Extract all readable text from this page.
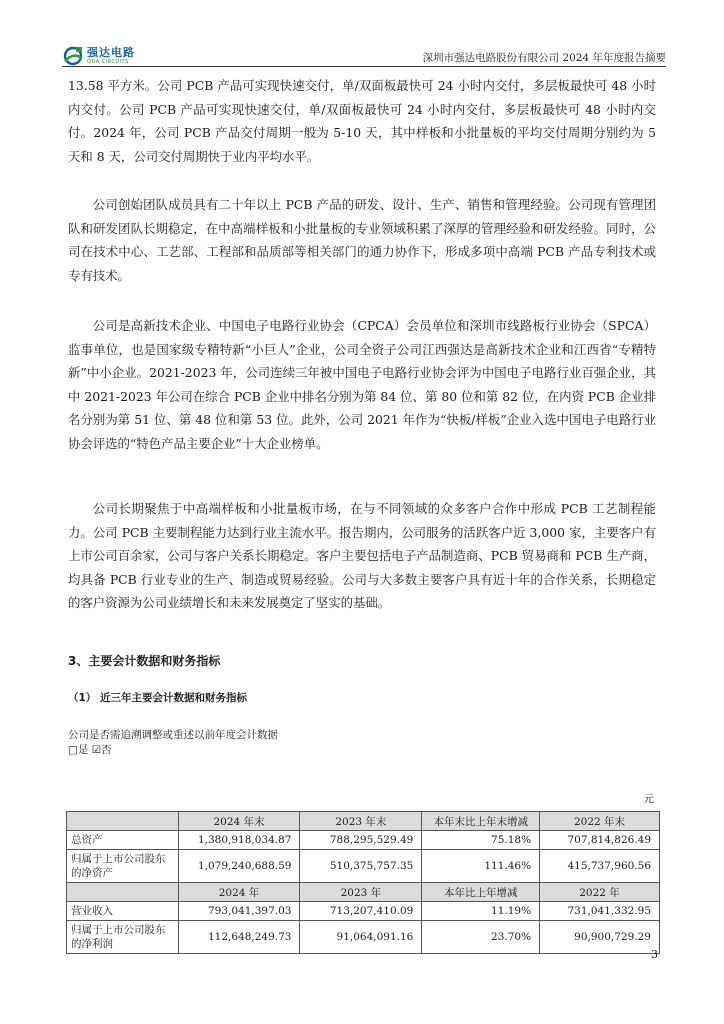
强达电路
QDA CIRCUITS	深圳市强达电路股份有限公司 2024 年年度报告摘要

13.58 平方米。公司 PCB 产品可实现快速交付，单/双面板最快可 24 小时内交付，多层板最快可 48 小时内交付。公司 PCB 产品可实现快速交付，单/双面板最快可 24 小时内交付，多层板最快可 48 小时内交付。2024 年，公司 PCB 产品交付周期一般为 5-10 天，其中样板和小批量板的平均交付周期分别约为 5 天和 8 天，公司交付周期快于业内平均水平。

公司创始团队成员具有二十年以上 PCB 产品的研发、设计、生产、销售和管理经验。公司现有管理团队和研发团队长期稳定，在中高端样板和小批量板的专业领域积累了深厚的管理经验和研发经验。同时，公司在技术中心、工艺部、工程部和品质部等相关部门的通力协作下，形成多项中高端 PCB 产品专利技术或专有技术。

公司是高新技术企业、中国电子电路行业协会（CPCA）会员单位和深圳市线路板行业协会（SPCA）监事单位，也是国家级专精特新“小巨人”企业，公司全资子公司江西强达是高新技术企业和江西省“专精特新”中小企业。2021-2023 年，公司连续三年被中国电子电路行业协会评为中国电子电路行业百强企业，其中 2021-2023 年公司在综合 PCB 企业中排名分别为第 84 位、第 80 位和第 82 位，在内资 PCB 企业排名分别为第 51 位、第 48 位和第 53 位。此外，公司 2021 年作为“快板/样板”企业入选中国电子电路行业协会评选的“特色产品主要企业”十大企业榜单。

公司长期聚焦于中高端样板和小批量板市场，在与不同领域的众多客户合作中形成 PCB 工艺制程能力。公司 PCB 主要制程能力达到行业主流水平。报告期内，公司服务的活跃客户近 3,000 家，主要客户有上市公司百余家，公司与客户关系长期稳定。客户主要包括电子产品制造商、PCB 贸易商和 PCB 生产商，均具备 PCB 行业专业的生产、制造或贸易经验。公司与大多数主要客户具有近十年的合作关系，长期稳定的客户资源为公司业绩增长和未来发展奠定了坚实的基础。

3、主要会计数据和财务指标
（1） 近三年主要会计数据和财务指标
公司是否需追溯调整或重述以前年度会计数据
□是 ☑否
元
	2024 年末	2023 年末	本年末比上年末增减	2022 年末
总资产	1,380,918,034.87	788,295,529.49	75.18%	707,814,826.49
归属于上市公司股东的净资产	1,079,240,688.59	510,375,757.35	111.46%	415,737,960.56
	2024 年	2023 年	本年比上年增减	2022 年
营业收入	793,041,397.03	713,207,410.09	11.19%	731,041,332.95
归属于上市公司股东的净利润	112,648,249.73	91,064,091.16	23.70%	90,900,729.29
3
